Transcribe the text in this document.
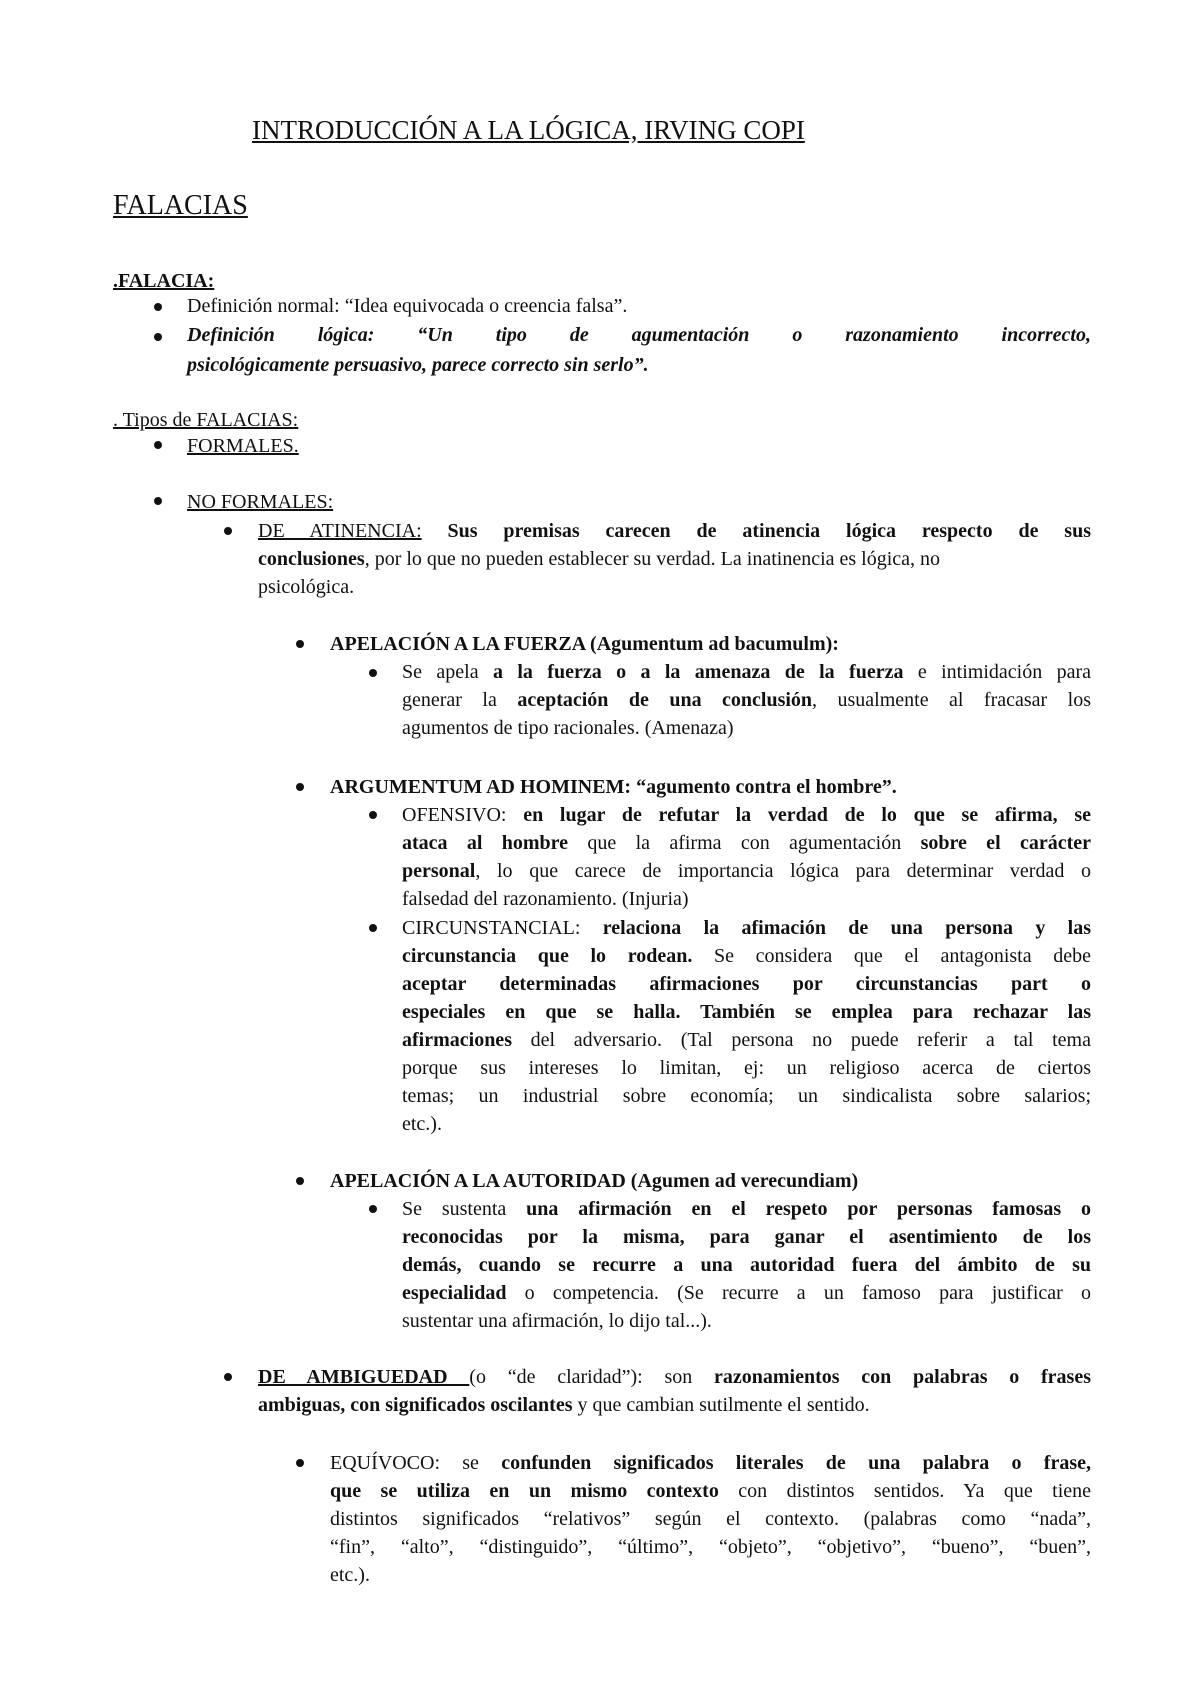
INTRODUCCIÓN A LA LÓGICA, IRVING COPI
FALACIAS
.FALACIA:
Definición normal: “Idea equivocada o creencia falsa”.
Definición lógica: “Un tipo de agumentación o razonamiento incorrecto,
psicológicamente persuasivo, parece correcto sin serlo”.
. Tipos de FALACIAS:
FORMALES.
NO FORMALES:
DE ATINENCIA: Sus premisas carecen de atinencia lógica respecto de sus
conclusiones, por lo que no pueden establecer su verdad. La inatinencia es lógica, no
psicológica.
APELACIÓN A LA FUERZA (Agumentum ad bacumulm):
Se apela a la fuerza o a la amenaza de la fuerza e intimidación para
generar la aceptación de una conclusión, usualmente al fracasar los
agumentos de tipo racionales. (Amenaza)
ARGUMENTUM AD HOMINEM: “agumento contra el hombre”.
OFENSIVO: en lugar de refutar la verdad de lo que se afirma, se
ataca al hombre que la afirma con agumentación sobre el carácter
personal, lo que carece de importancia lógica para determinar verdad o
falsedad del razonamiento. (Injuria)
CIRCUNSTANCIAL: relaciona la afimación de una persona y las
circunstancia que lo rodean. Se considera que el antagonista debe
aceptar determinadas afirmaciones por circunstancias part o
especiales en que se halla. También se emplea para rechazar las
afirmaciones del adversario. (Tal persona no puede referir a tal tema
porque sus intereses lo limitan, ej: un religioso acerca de ciertos
temas; un industrial sobre economía; un sindicalista sobre salarios;
etc.).
APELACIÓN A LA AUTORIDAD (Agumen ad verecundiam)
Se sustenta una afirmación en el respeto por personas famosas o
reconocidas por la misma, para ganar el asentimiento de los
demás, cuando se recurre a una autoridad fuera del ámbito de su
especialidad o competencia. (Se recurre a un famoso para justificar o
sustentar una afirmación, lo dijo tal...).
DE AMBIGUEDAD (o “de claridad”): son razonamientos con palabras o frases
ambiguas, con significados oscilantes y que cambian sutilmente el sentido.
EQUÍVOCO: se confunden significados literales de una palabra o frase,
que se utiliza en un mismo contexto con distintos sentidos. Ya que tiene
distintos significados “relativos” según el contexto. (palabras como “nada”,
“fin”, “alto”, “distinguido”, “último”, “objeto”, “objetivo”, “bueno”, “buen”,
etc.).
